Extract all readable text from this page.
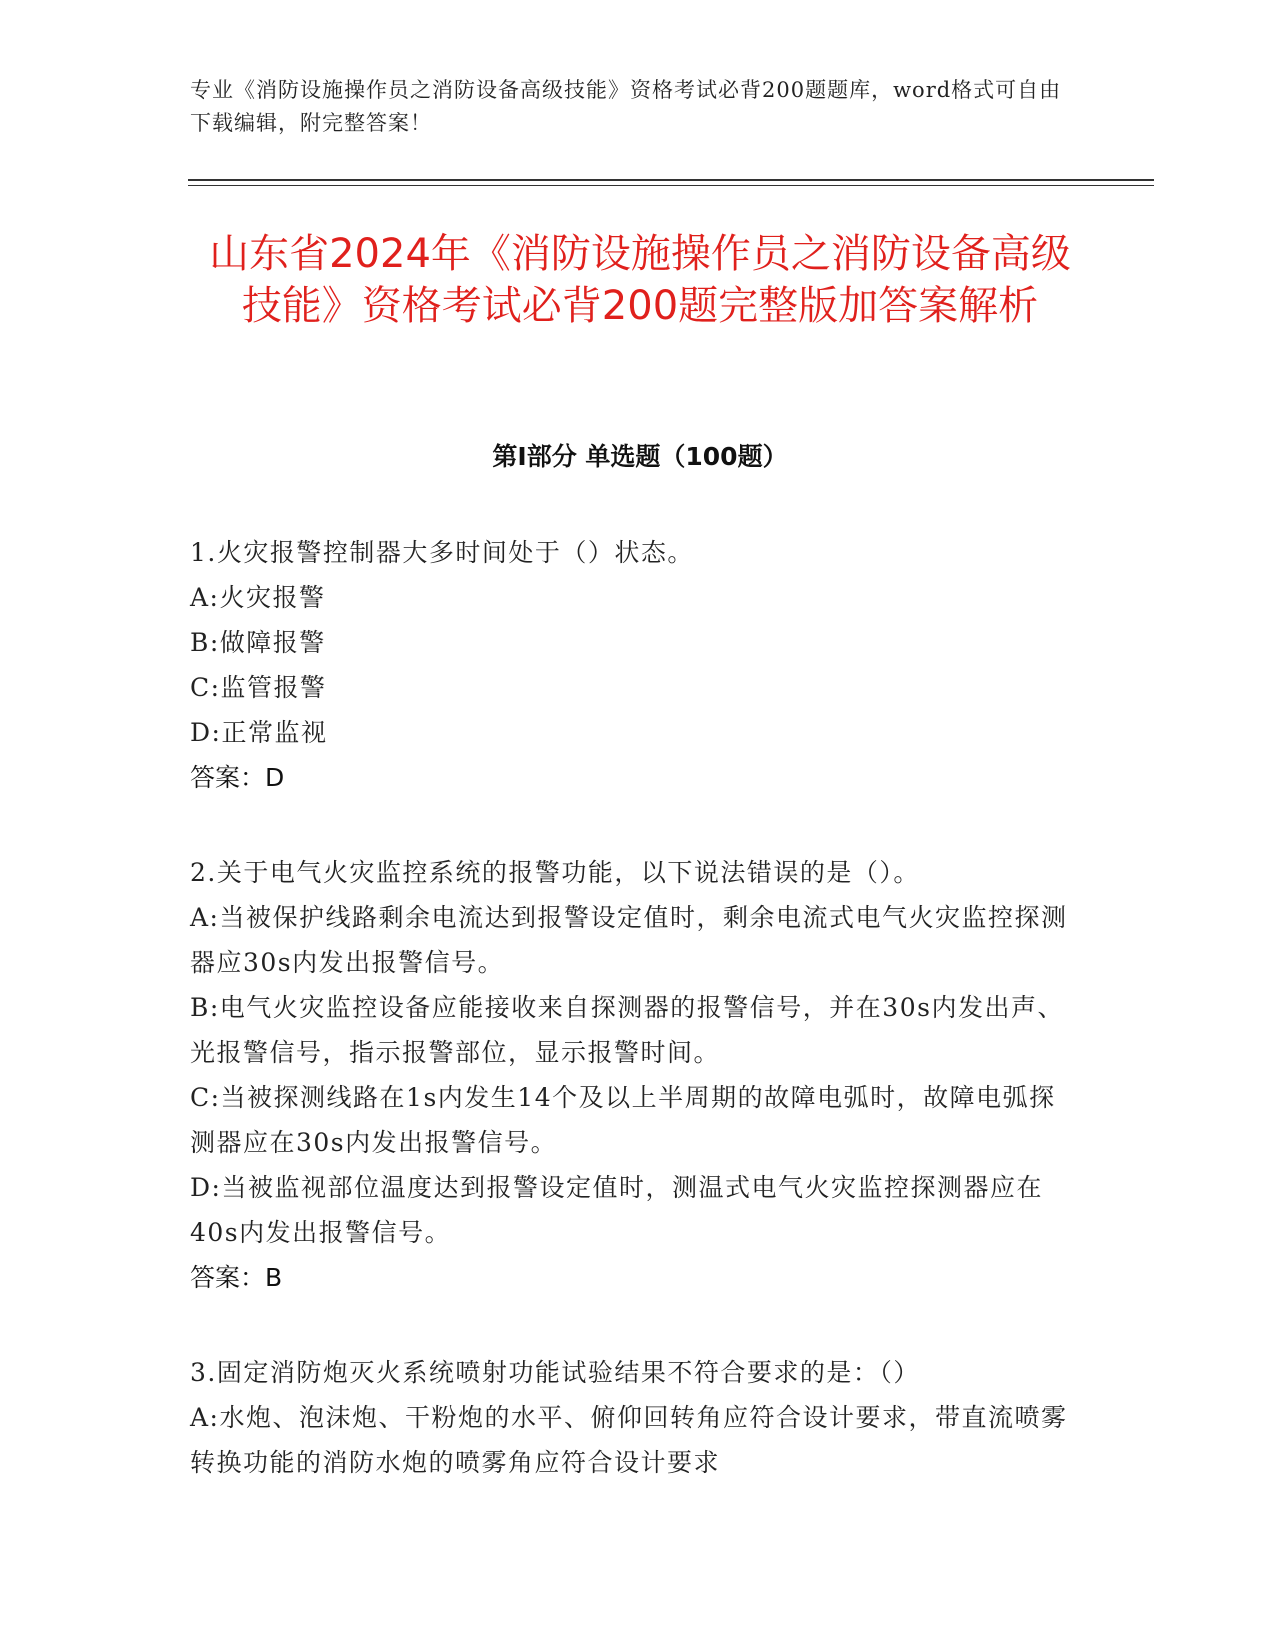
专业《消防设施操作员之消防设备高级技能》资格考试必背200题题库，word格式可自由下载编辑，附完整答案！
山东省2024年《消防设施操作员之消防设备高级技能》资格考试必背200题完整版加答案解析
第Ⅰ部分 单选题（100题）

1.火灾报警控制器大多时间处于（）状态。

A:火灾报警

B:做障报警

C:监管报警

D:正常监视

答案：D

2.关于电气火灾监控系统的报警功能，以下说法错误的是（）。

A:当被保护线路剩余电流达到报警设定值时，剩余电流式电气火灾监控探测器应30s内发出报警信号。

B:电气火灾监控设备应能接收来自探测器的报警信号，并在30s内发出声、光报警信号，指示报警部位，显示报警时间。

C:当被探测线路在1s内发生14个及以上半周期的故障电弧时，故障电弧探测器应在30s内发出报警信号。

D:当被监视部位温度达到报警设定值时，测温式电气火灾监控探测器应在40s内发出报警信号。

答案：B

3.固定消防炮灭火系统喷射功能试验结果不符合要求的是：（）

A:水炮、泡沫炮、干粉炮的水平、俯仰回转角应符合设计要求，带直流喷雾转换功能的消防水炮的喷雾角应符合设计要求
